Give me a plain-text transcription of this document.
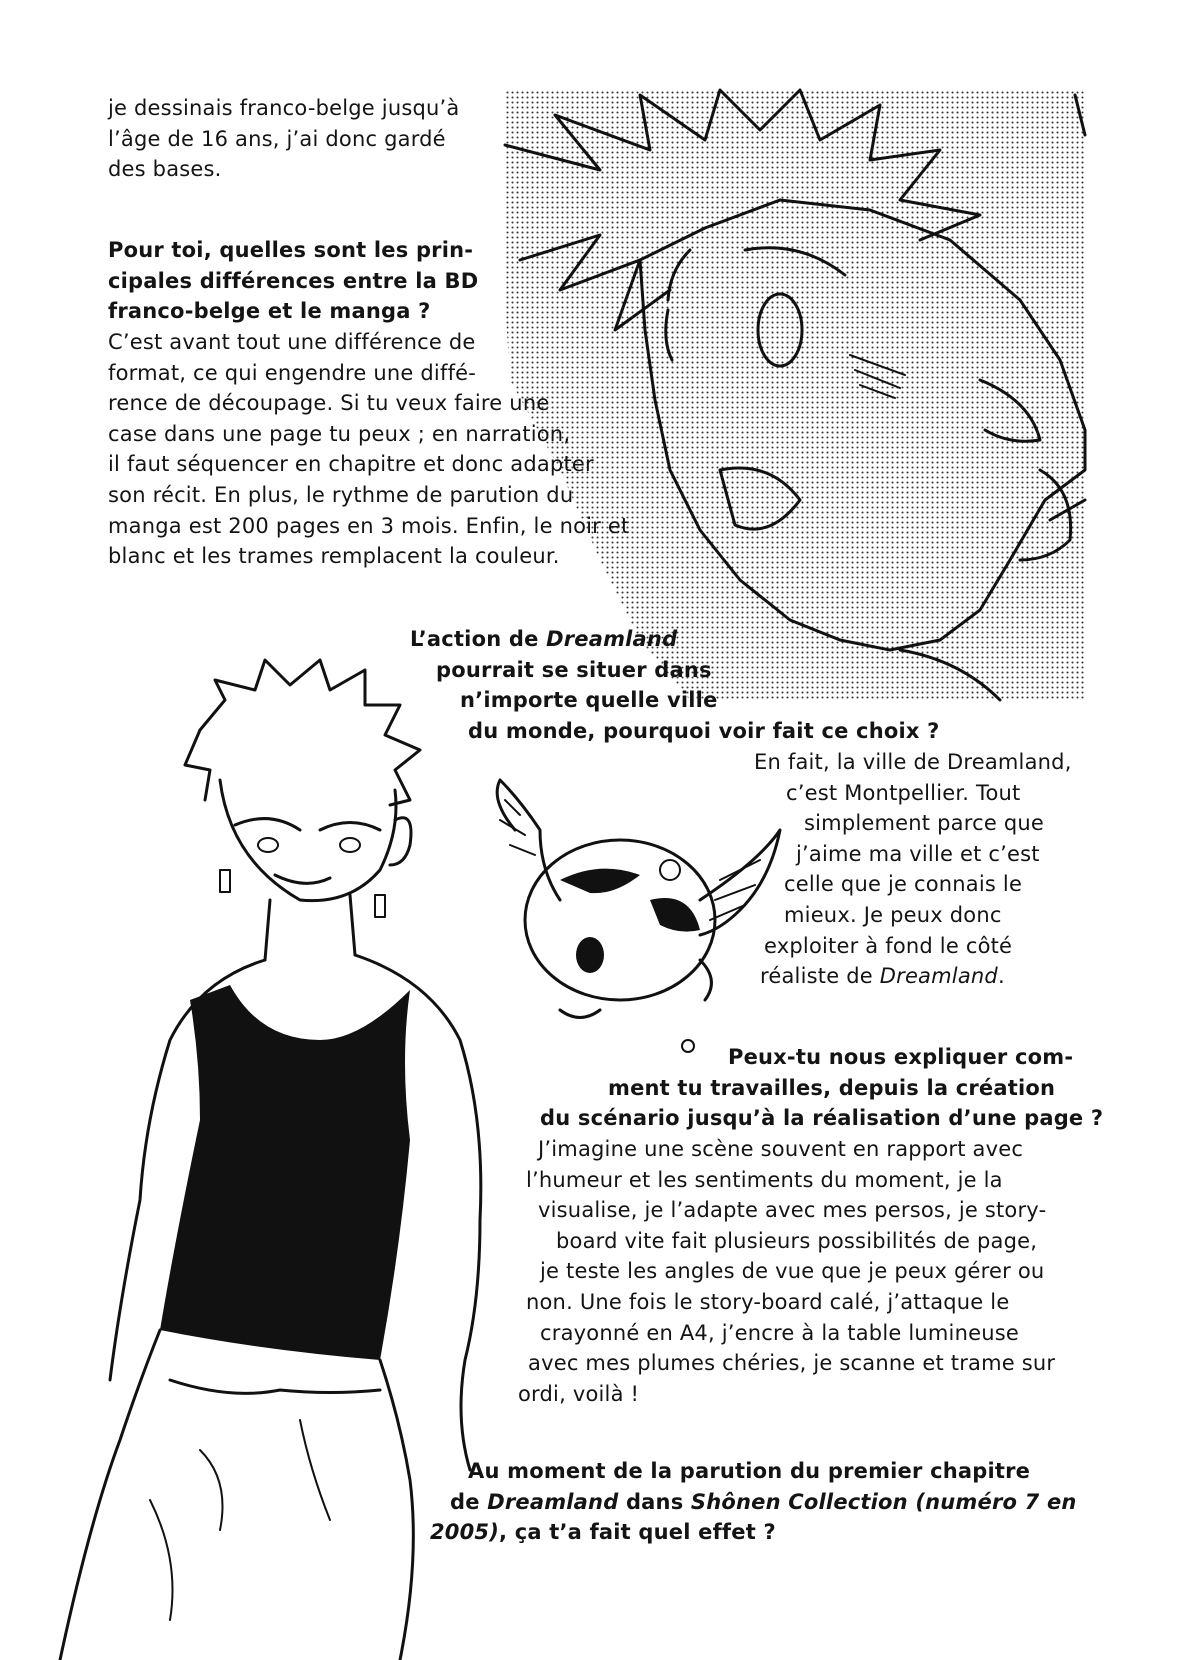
je dessinais franco-belge jusqu’à
l’âge de 16 ans, j’ai donc gardé
des bases.
Pour toi, quelles sont les prin-
cipales différences entre la BD
franco-belge et le manga ?
C’est avant tout une différence de
format, ce qui engendre une diffé-
rence de découpage. Si tu veux faire une
case dans une page tu peux ; en narration,
il faut séquencer en chapitre et donc adapter
son récit. En plus, le rythme de parution du
manga est 200 pages en 3 mois. Enfin, le noir et
blanc et les trames remplacent la couleur.
L’action de Dreamland
pourrait se situer dans
n’importe quelle ville
du monde, pourquoi voir fait ce choix ?
En fait, la ville de Dreamland,
c’est Montpellier. Tout
simplement parce que
j’aime ma ville et c’est
celle que je connais le
mieux. Je peux donc
exploiter à fond le côté
réaliste de Dreamland.
Peux-tu nous expliquer com-
ment tu travailles, depuis la création
du scénario jusqu’à la réalisation d’une page ?
J’imagine une scène souvent en rapport avec
l’humeur et les sentiments du moment, je la
visualise, je l’adapte avec mes persos, je story-
board vite fait plusieurs possibilités de page,
je teste les angles de vue que je peux gérer ou
non. Une fois le story-board calé, j’attaque le
crayonné en A4, j’encre à la table lumineuse
avec mes plumes chéries, je scanne et trame sur
ordi, voilà !
Au moment de la parution du premier chapitre
de Dreamland dans Shônen Collection (numéro 7 en
2005), ça t’a fait quel effet ?
